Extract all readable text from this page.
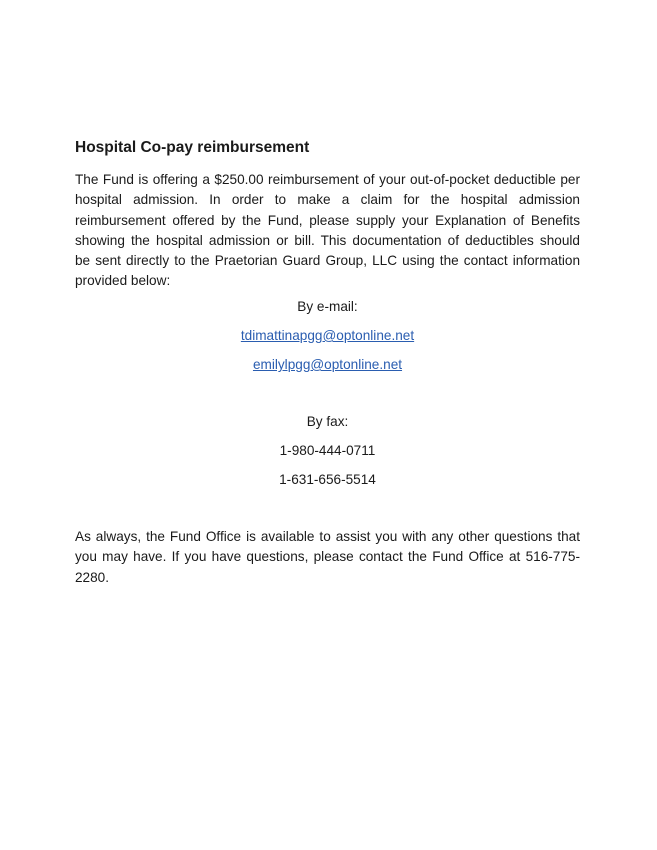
Hospital Co-pay reimbursement
The Fund is offering a $250.00 reimbursement of your out-of-pocket deductible per
hospital admission. In order to make a claim for the hospital admission
reimbursement offered by the Fund, please supply your Explanation of Benefits
showing the hospital admission or bill. This documentation of deductibles should
be sent directly to the Praetorian Guard Group, LLC using the contact information
provided below:
By e-mail:
tdimattinapgg@optonline.net
emilylpgg@optonline.net
By fax:
1-980-444-0711
1-631-656-5514
As always, the Fund Office is available to assist you with any other questions that
you may have. If you have questions, please contact the Fund Office at 516-775-
2280.
